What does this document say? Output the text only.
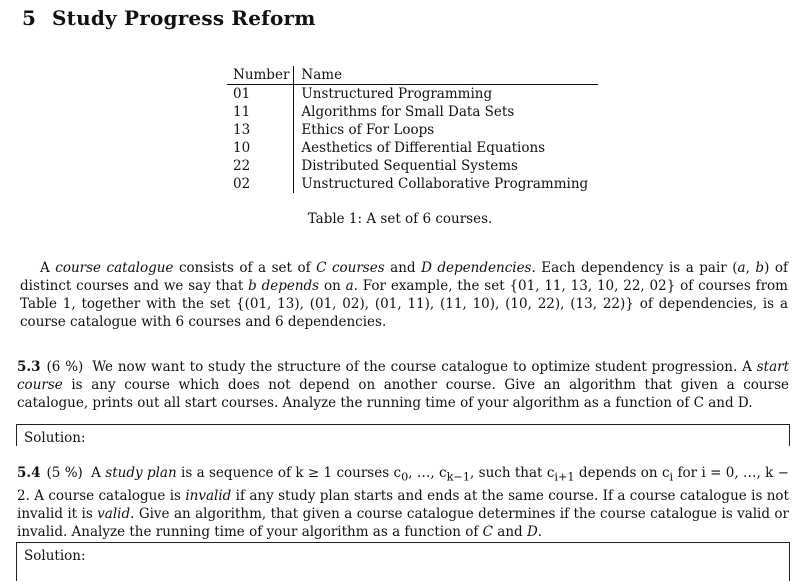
5 Study Progress Reform
Number	Name
01	Unstructured Programming
11	Algorithms for Small Data Sets
13	Ethics of For Loops
10	Aesthetics of Differential Equations
22	Distributed Sequential Systems
02	Unstructured Collaborative Programming
Table 1: A set of 6 courses.

A course catalogue consists of a set of C courses and D dependencies. Each dependency is a pair (a, b) of distinct courses and we say that b depends on a. For example, the set {01, 11, 13, 10, 22, 02} of courses from Table 1, together with the set {(01, 13), (01, 02), (01, 11), (11, 10), (10, 22), (13, 22)} of dependencies, is a course catalogue with 6 courses and 6 dependencies.

5.3 (6 %) We now want to study the structure of the course catalogue to optimize student progression. A start course is any course which does not depend on another course. Give an algorithm that given a course catalogue, prints out all start courses. Analyze the running time of your algorithm as a function of C and D.

Solution:

5.4 (5 %) A study plan is a sequence of k ≥ 1 courses $c_0$, …, $c_{k-1}$, such that $c_{i+1}$ depends on $c_i$ for i = 0, …, k − 2. A course catalogue is invalid if any study plan starts and ends at the same course. If a course catalogue is not invalid it is valid. Give an algorithm, that given a course catalogue determines if the course catalogue is valid or invalid. Analyze the running time of your algorithm as a function of C and D.

Solution:
